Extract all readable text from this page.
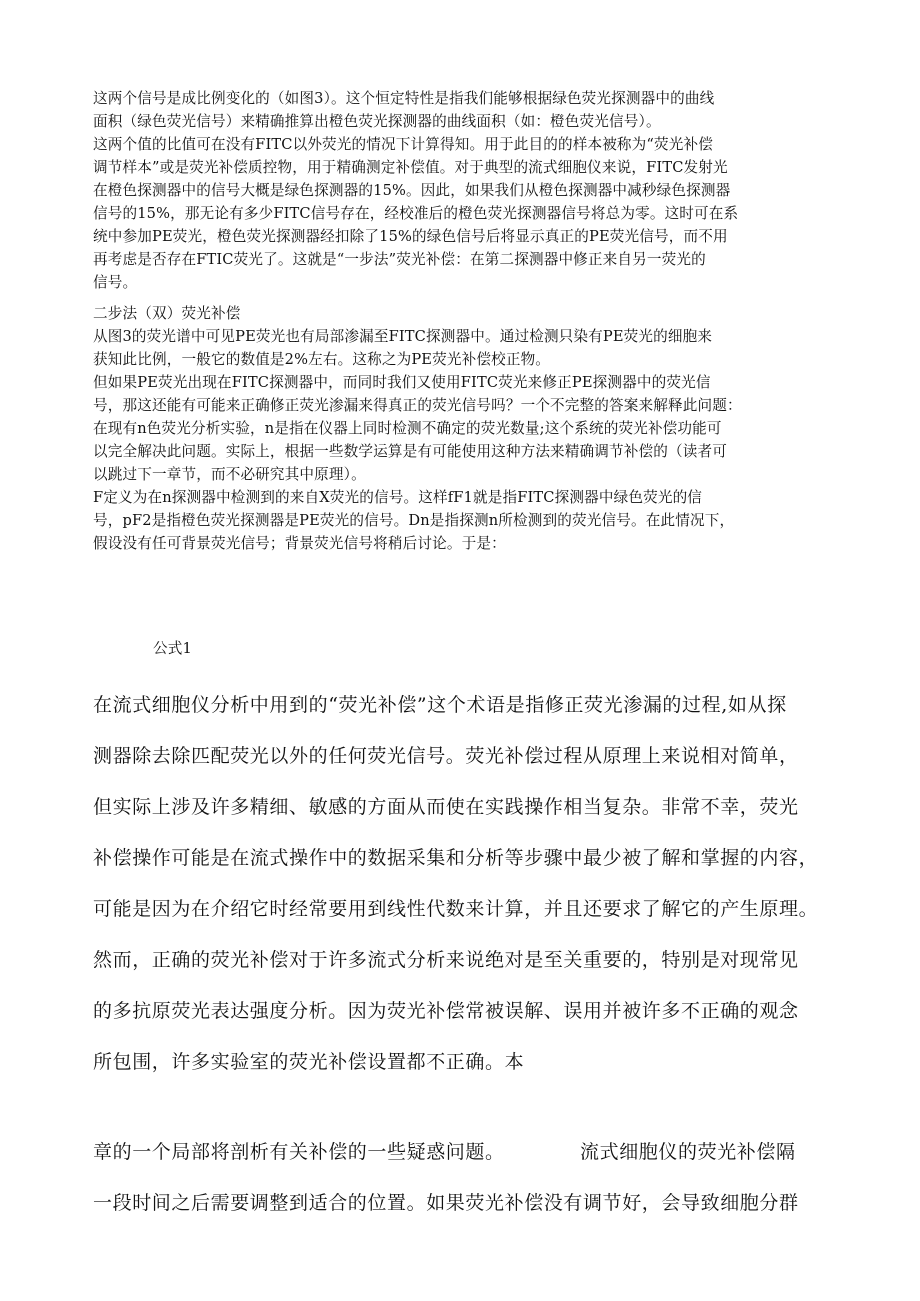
这两个信号是成比例变化的（如图3）。这个恒定特性是指我们能够根据绿色荧光探测器中的曲线

面积（绿色荧光信号）来精确推算出橙色荧光探测器的曲线面积（如：橙色荧光信号）。

这两个值的比值可在没有FITC以外荧光的情况下计算得知。用于此目的的样本被称为“荧光补偿

调节样本”或是荧光补偿质控物，用于精确测定补偿值。对于典型的流式细胞仪来说，FITC发射光

在橙色探测器中的信号大概是绿色探测器的15%。因此，如果我们从橙色探测器中减秒绿色探测器

信号的15%，那无论有多少FITC信号存在，经校准后的橙色荧光探测器信号将总为零。这时可在系

统中参加PE荧光，橙色荧光探测器经扣除了15%的绿色信号后将显示真正的PE荧光信号，而不用

再考虑是否存在FTIC荧光了。这就是“一步法”荧光补偿：在第二探测器中修正来自另一荧光的

信号。

二步法（双）荧光补偿

从图3的荧光谱中可见PE荧光也有局部渗漏至FITC探测器中。通过检测只染有PE荧光的细胞来

获知此比例，一般它的数值是2%左右。这称之为PE荧光补偿校正物。

但如果PE荧光出现在FITC探测器中，而同时我们又使用FITC荧光来修正PE探测器中的荧光信

号，那这还能有可能来正确修正荧光渗漏来得真正的荧光信号吗？一个不完整的答案来解释此问题：

在现有n色荧光分析实验，n是指在仪器上同时检测不确定的荧光数量;这个系统的荧光补偿功能可

以完全解决此问题。实际上，根据一些数学运算是有可能使用这种方法来精确调节补偿的（读者可

以跳过下一章节，而不必研究其中原理）。

F定义为在n探测器中检测到的来自X荧光的信号。这样fF1就是指FITC探测器中绿色荧光的信

号，pF2是指橙色荧光探测器是PE荧光的信号。Dn是指探测n所检测到的荧光信号。在此情况下，

假设没有任可背景荧光信号；背景荧光信号将稍后讨论。于是：

公式1

在流式细胞仪分析中用到的“荧光补偿”这个术语是指修正荧光渗漏的过程,如从探

测器除去除匹配荧光以外的任何荧光信号。荧光补偿过程从原理上来说相对简单，

但实际上涉及许多精细、敏感的方面从而使在实践操作相当复杂。非常不幸，荧光

补偿操作可能是在流式操作中的数据采集和分析等步骤中最少被了解和掌握的内容，

可能是因为在介绍它时经常要用到线性代数来计算，并且还要求了解它的产生原理。

然而，正确的荧光补偿对于许多流式分析来说绝对是至关重要的，特别是对现常见

的多抗原荧光表达强度分析。因为荧光补偿常被误解、误用并被许多不正确的观念

所包围，许多实验室的荧光补偿设置都不正确。本

章的一个局部将剖析有关补偿的一些疑惑问题。	流式细胞仪的荧光补偿隔

一段时间之后需要调整到适合的位置。如果荧光补偿没有调节好，会导致细胞分群
